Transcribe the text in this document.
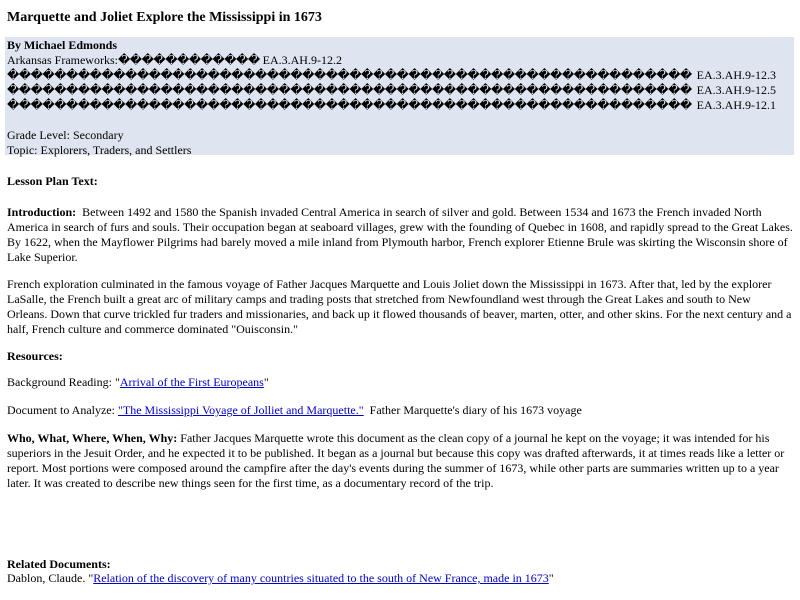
Marquette and Joliet Explore the Mississippi in 1673
By Michael Edmonds
Arkansas Frameworks:������������ EA.3.AH.9-12.2
���������������������������������������������������������� EA.3.AH.9-12.3
���������������������������������������������������������� EA.3.AH.9-12.5
���������������������������������������������������������� EA.3.AH.9-12.1
Grade Level: Secondary
Topic: Explorers, Traders, and Settlers
Lesson Plan Text:
Introduction: Between 1492 and 1580 the Spanish invaded Central America in search of silver and gold. Between 1534 and 1673 the French invaded North America in search of furs and souls. Their occupation began at seaboard villages, grew with the founding of Quebec in 1608, and rapidly spread to the Great Lakes. By 1622, when the Mayflower Pilgrims had barely moved a mile inland from Plymouth harbor, French explorer Etienne Brule was skirting the Wisconsin shore of Lake Superior.
French exploration culminated in the famous voyage of Father Jacques Marquette and Louis Joliet down the Mississippi in 1673. After that, led by the explorer LaSalle, the French built a great arc of military camps and trading posts that stretched from Newfoundland west through the Great Lakes and south to New Orleans. Down that curve trickled fur traders and missionaries, and back up it flowed thousands of beaver, marten, otter, and other skins. For the next century and a half, French culture and commerce dominated "Ouisconsin."
Resources:
Background Reading: "Arrival of the First Europeans"
Document to Analyze: "The Mississippi Voyage of Jolliet and Marquette." Father Marquette's diary of his 1673 voyage
Who, What, Where, When, Why: Father Jacques Marquette wrote this document as the clean copy of a journal he kept on the voyage; it was intended for his superiors in the Jesuit Order, and he expected it to be published. It began as a journal but because this copy was drafted afterwards, it at times reads like a letter or report. Most portions were composed around the campfire after the day's events during the summer of 1673, while other parts are summaries written up to a year later. It was created to describe new things seen for the first time, as a documentary record of the trip.
Related Documents:
Dablon, Claude. "Relation of the discovery of many countries situated to the south of New France, made in 1673"
